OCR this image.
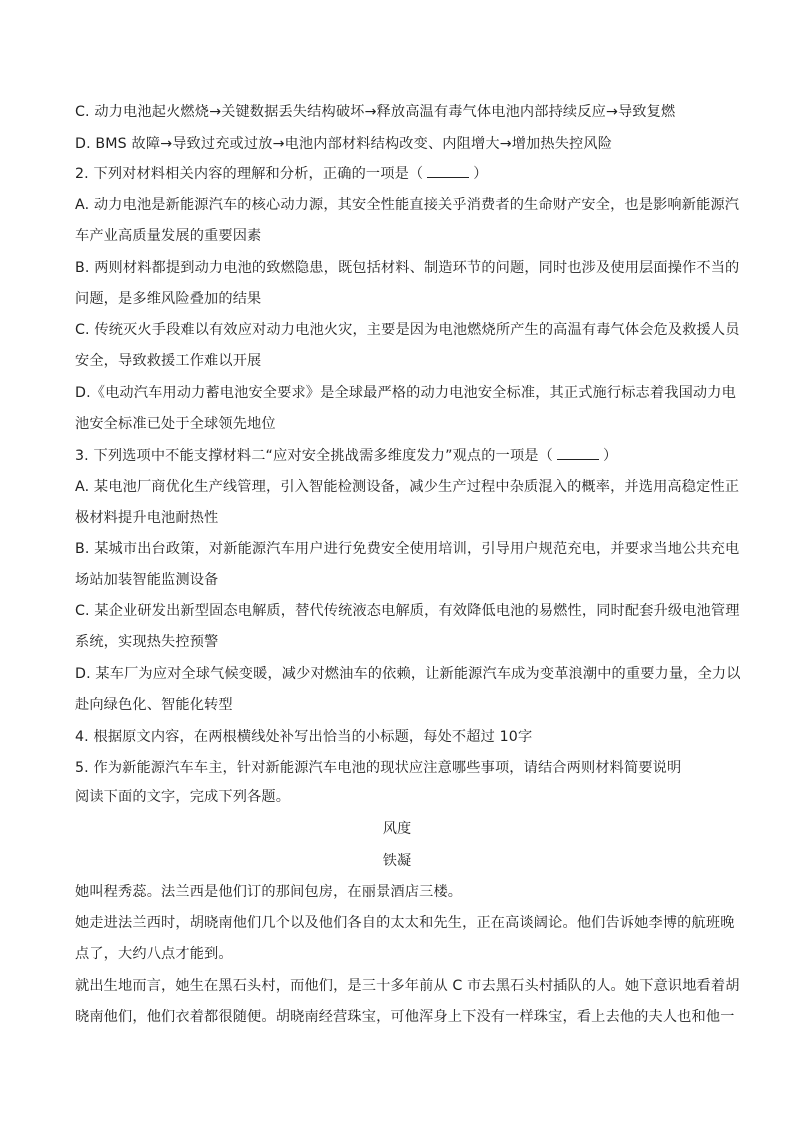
C. 动力电池起火燃烧→关键数据丢失结构破坏→释放高温有毒气体电池内部持续反应→导致复燃
D. BMS 故障→导致过充或过放→电池内部材料结构改变、内阻增大→增加热失控风险
2. 下列对材料相关内容的理解和分析，正确的一项是（	）
A. 动力电池是新能源汽车的核心动力源，其安全性能直接关乎消费者的生命财产安全，也是影响新能源汽
车产业高质量发展的重要因素
B. 两则材料都提到动力电池的致燃隐患，既包括材料、制造环节的问题，同时也涉及使用层面操作不当的
问题，是多维风险叠加的结果
C. 传统灭火手段难以有效应对动力电池火灾，主要是因为电池燃烧所产生的高温有毒气体会危及救援人员
安全，导致救援工作难以开展
D.《电动汽车用动力蓄电池安全要求》是全球最严格的动力电池安全标准，其正式施行标志着我国动力电
池安全标准已处于全球领先地位
3. 下列选项中不能支撑材料二“应对安全挑战需多维度发力”观点的一项是（	）
A. 某电池厂商优化生产线管理，引入智能检测设备，减少生产过程中杂质混入的概率，并选用高稳定性正
极材料提升电池耐热性
B. 某城市出台政策，对新能源汽车用户进行免费安全使用培训，引导用户规范充电，并要求当地公共充电
场站加装智能监测设备
C. 某企业研发出新型固态电解质，替代传统液态电解质，有效降低电池的易燃性，同时配套升级电池管理
系统，实现热失控预警
D. 某车厂为应对全球气候变暖，减少对燃油车的依赖，让新能源汽车成为变革浪潮中的重要力量，全力以
赴向绿色化、智能化转型
4. 根据原文内容，在两根横线处补写出恰当的小标题，每处不超过 10字
5. 作为新能源汽车车主，针对新能源汽车电池的现状应注意哪些事项，请结合两则材料简要说明
阅读下面的文字，完成下列各题。
风度
铁凝
她叫程秀蕊。法兰西是他们订的那间包房，在丽景酒店三楼。
她走进法兰西时，胡晓南他们几个以及他们各自的太太和先生，正在高谈阔论。他们告诉她李博的航班晚
点了，大约八点才能到。
就出生地而言，她生在黑石头村，而他们，是三十多年前从 C 市去黑石头村插队的人。她下意识地看着胡
晓南他们，他们衣着都很随便。胡晓南经营珠宝，可他浑身上下没有一样珠宝，看上去他的夫人也和他一
